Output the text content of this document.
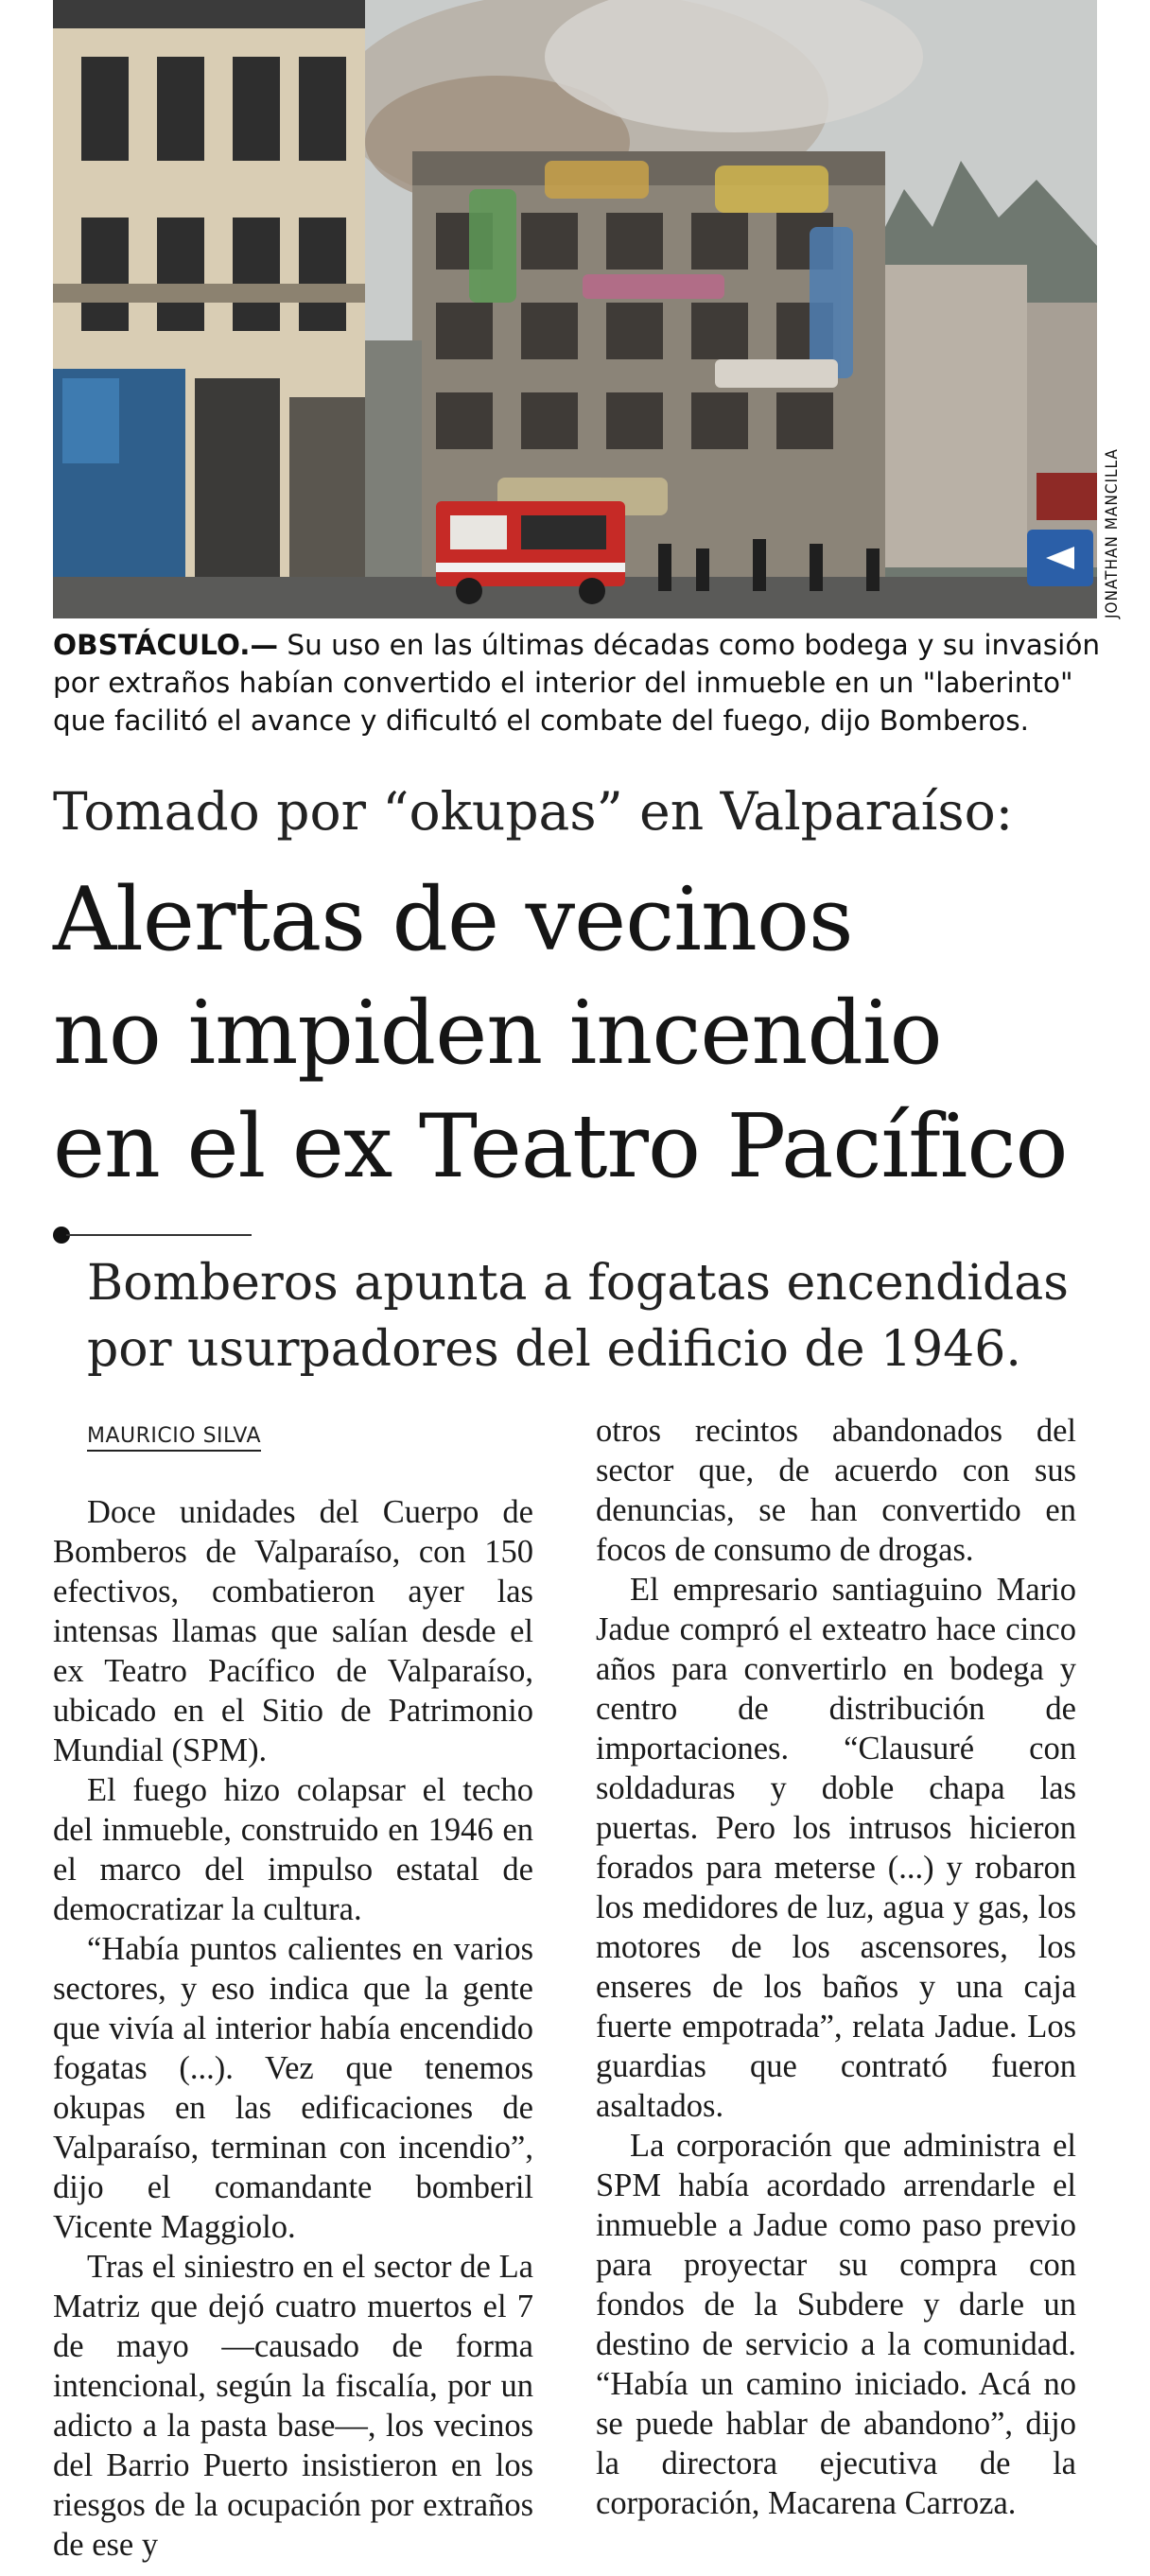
JONATHAN MANCILLA
OBSTÁCULO.— Su uso en las últimas décadas como bodega y su invasión por extraños habían convertido el interior del inmueble en un "laberinto" que facilitó el avance y dificultó el combate del fuego, dijo Bomberos.
Tomado por “okupas” en Valparaíso:
Alertas de vecinos
no impiden incendio
en el ex Teatro Pacífico
Bomberos apunta a fogatas encendidas
por usurpadores del edificio de 1946.
MAURICIO SILVA

Doce unidades del Cuerpo de Bomberos de Valparaíso, con 150 efectivos, combatieron ayer las intensas llamas que salían desde el ex Teatro Pacífico de Valparaíso, ubicado en el Sitio de Patrimonio Mundial (SPM).

El fuego hizo colapsar el techo del inmueble, construido en 1946 en el marco del impulso estatal de democratizar la cultura.

“Había puntos calientes en varios sectores, y eso indica que la gente que vivía al interior había encendido fogatas (...). Vez que tenemos okupas en las edificaciones de Valparaíso, terminan con incendio”, dijo el comandante bomberil Vicente Maggiolo.

Tras el siniestro en el sector de La Matriz que dejó cuatro muertos el 7 de mayo —causado de forma intencional, según la fiscalía, por un adicto a la pasta base—, los vecinos del Barrio Puerto insistieron en los riesgos de la ocupación por extraños de ese y

otros recintos abandonados del sector que, de acuerdo con sus denuncias, se han convertido en focos de consumo de drogas.

El empresario santiaguino Mario Jadue compró el exteatro hace cinco años para convertirlo en bodega y centro de distribución de importaciones. “Clausuré con soldaduras y doble chapa las puertas. Pero los intrusos hicieron forados para meterse (...) y robaron los medidores de luz, agua y gas, los motores de los ascensores, los enseres de los baños y una caja fuerte empotrada”, relata Jadue. Los guardias que contrató fueron asaltados.

La corporación que administra el SPM había acordado arrendarle el inmueble a Jadue como paso previo para proyectar su compra con fondos de la Subdere y darle un destino de servicio a la comunidad. “Había un camino iniciado. Acá no se puede hablar de abandono”, dijo la directora ejecutiva de la corporación, Macarena Carroza.
